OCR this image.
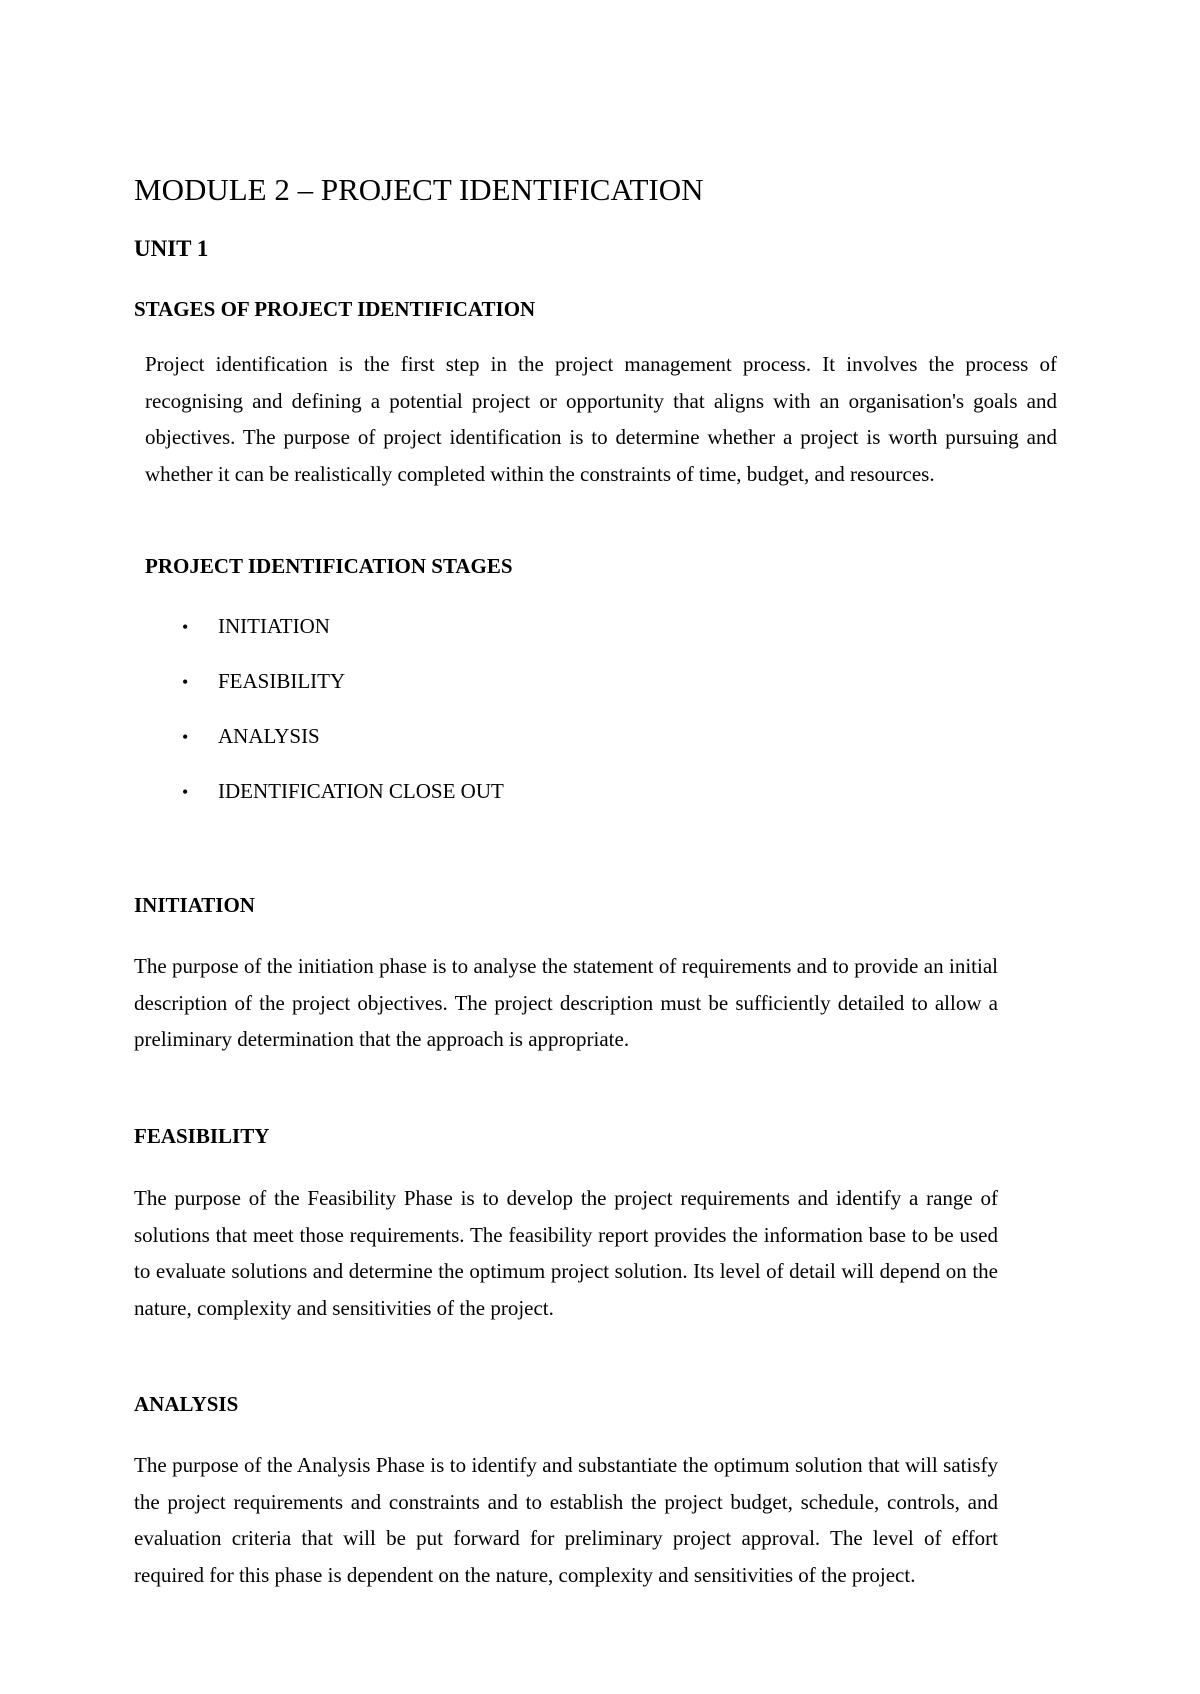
MODULE 2 – PROJECT IDENTIFICATION
UNIT 1
STAGES OF PROJECT IDENTIFICATION

Project identification is the first step in the project management process. It involves the process of recognising and defining a potential project or opportunity that aligns with an organisation's goals and objectives. The purpose of project identification is to determine whether a project is worth pursuing and whether it can be realistically completed within the constraints of time, budget, and resources.

PROJECT IDENTIFICATION STAGES
• INITIATION
• FEASIBILITY
• ANALYSIS
• IDENTIFICATION CLOSE OUT
INITIATION

The purpose of the initiation phase is to analyse the statement of requirements and to provide an initial description of the project objectives. The project description must be sufficiently detailed to allow a preliminary determination that the approach is appropriate.

FEASIBILITY

The purpose of the Feasibility Phase is to develop the project requirements and identify a range of solutions that meet those requirements. The feasibility report provides the information base to be used to evaluate solutions and determine the optimum project solution. Its level of detail will depend on the nature, complexity and sensitivities of the project.

ANALYSIS

The purpose of the Analysis Phase is to identify and substantiate the optimum solution that will satisfy the project requirements and constraints and to establish the project budget, schedule, controls, and evaluation criteria that will be put forward for preliminary project approval. The level of effort required for this phase is dependent on the nature, complexity and sensitivities of the project.
